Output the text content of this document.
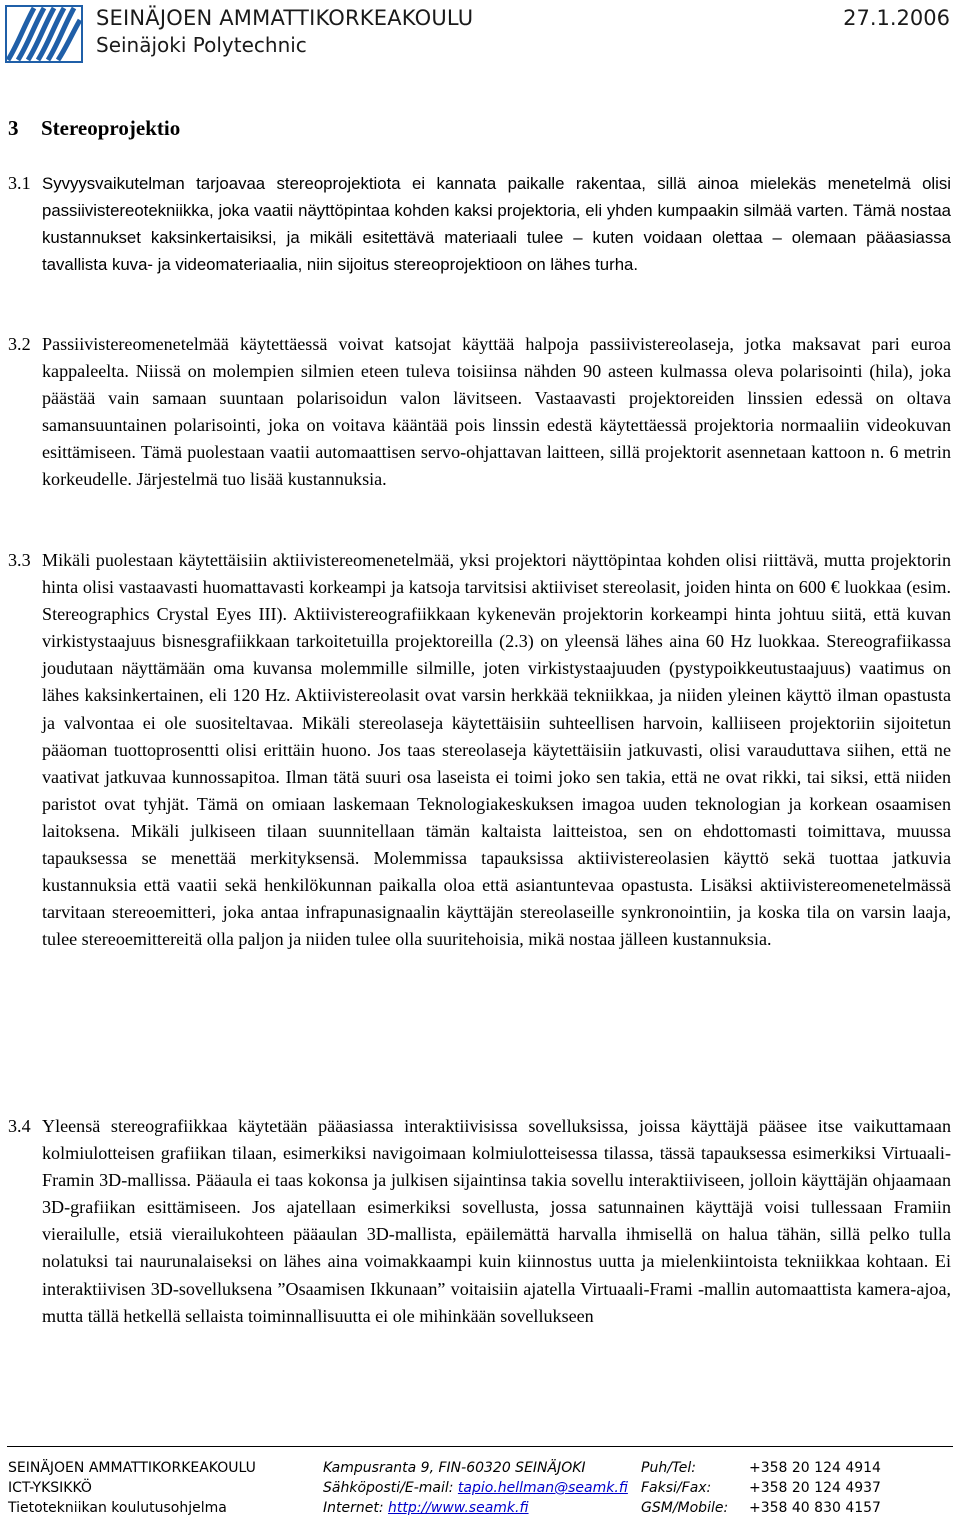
SEINÄJOEN AMMATTIKORKEAKOULU
Seinäjoki Polytechnic
27.1.2006
3 Stereoprojektio
3.1 Syvyysvaikutelman tarjoavaa stereoprojektiota ei kannata paikalle rakentaa, sillä ainoa mielekäs menetelmä olisi passiivistereotekniikka, joka vaatii näyttöpintaa kohden kaksi projektoria, eli yhden kumpaakin silmää varten. Tämä nostaa kustannukset kaksinkertaisiksi, ja mikäli esitettävä materiaali tulee – kuten voidaan olettaa – olemaan pääasiassa tavallista kuva- ja videomateriaalia, niin sijoitus stereoprojektioon on lähes turha.
3.2 Passiivistereomenetelmää käytettäessä voivat katsojat käyttää halpoja passiivistereolaseja, jotka maksavat pari euroa kappaleelta. Niissä on molempien silmien eteen tuleva toisiinsa nähden 90 asteen kulmassa oleva polarisointi (hila), joka päästää vain samaan suuntaan polarisoidun valon lävitseen. Vastaavasti projektoreiden linssien edessä on oltava samansuuntainen polarisointi, joka on voitava kääntää pois linssin edestä käytettäessä projektoria normaaliin videokuvan esittämiseen. Tämä puolestaan vaatii automaattisen servo-ohjattavan laitteen, sillä projektorit asennetaan kattoon n. 6 metrin korkeudelle. Järjestelmä tuo lisää kustannuksia.
3.3 Mikäli puolestaan käytettäisiin aktiivistereomenetelmää, yksi projektori näyttöpintaa kohden olisi riittävä, mutta projektorin hinta olisi vastaavasti huomattavasti korkeampi ja katsoja tarvitsisi aktiiviset stereolasit, joiden hinta on 600 € luokkaa (esim. Stereographics Crystal Eyes III). Aktiivistereografiikkaan kykenevän projektorin korkeampi hinta johtuu siitä, että kuvan virkistystaajuus bisnesgrafiikkaan tarkoitetuilla projektoreilla (2.3) on yleensä lähes aina 60 Hz luokkaa. Stereografiikassa joudutaan näyttämään oma kuvansa molemmille silmille, joten virkistystaajuuden (pystypoikkeutustaajuus) vaatimus on lähes kaksinkertainen, eli 120 Hz. Aktiivistereolasit ovat varsin herkkää tekniikkaa, ja niiden yleinen käyttö ilman opastusta ja valvontaa ei ole suositeltavaa. Mikäli stereolaseja käytettäisiin suhteellisen harvoin, kalliiseen projektoriin sijoitetun pääoman tuottoprosentti olisi erittäin huono. Jos taas stereolaseja käytettäisiin jatkuvasti, olisi varauduttava siihen, että ne vaativat jatkuvaa kunnossapitoa. Ilman tätä suuri osa laseista ei toimi joko sen takia, että ne ovat rikki, tai siksi, että niiden paristot ovat tyhjät. Tämä on omiaan laskemaan Teknologiakeskuksen imagoa uuden teknologian ja korkean osaamisen laitoksena. Mikäli julkiseen tilaan suunnitellaan tämän kaltaista laitteistoa, sen on ehdottomasti toimittava, muussa tapauksessa se menettää merkityksensä. Molemmissa tapauksissa aktiivistereolasien käyttö sekä tuottaa jatkuvia kustannuksia että vaatii sekä henkilökunnan paikalla oloa että asiantuntevaa opastusta. Lisäksi aktiivistereomenetelmässä tarvitaan stereoemitteri, joka antaa infrapunasignaalin käyttäjän stereolaseille synkronointiin, ja koska tila on varsin laaja, tulee stereoemittereitä olla paljon ja niiden tulee olla suuritehoisia, mikä nostaa jälleen kustannuksia.
3.4 Yleensä stereografiikkaa käytetään pääasiassa interaktiivisissa sovelluksissa, joissa käyttäjä pääsee itse vaikuttamaan kolmiulotteisen grafiikan tilaan, esimerkiksi navigoimaan kolmiulotteisessa tilassa, tässä tapauksessa esimerkiksi Virtuaali-Framin 3D-mallissa. Pääaula ei taas kokonsa ja julkisen sijaintinsa takia sovellu interaktiiviseen, jolloin käyttäjän ohjaamaan 3D-grafiikan esittämiseen. Jos ajatellaan esimerkiksi sovellusta, jossa satunnainen käyttäjä voisi tullessaan Framiin vierailulle, etsiä vierailukohteen pääaulan 3D-mallista, epäilemättä harvalla ihmisellä on halua tähän, sillä pelko tulla nolatuksi tai naurunalaiseksi on lähes aina voimakkaampi kuin kiinnostus uutta ja mielenkiintoista tekniikkaa kohtaan. Ei interaktiivisen 3D-sovelluksena ”Osaamisen Ikkunaan” voitaisiin ajatella Virtuaali-Frami -mallin automaattista kamera-ajoa, mutta tällä hetkellä sellaista toiminnallisuutta ei ole mihinkään sovellukseen
SEINÄJOEN AMMATTIKORKEAKOULU
ICT-YKSIKKÖ
Tietotekniikan koulutusohjelma
Kampusranta 9, FIN-60320 SEINÄJOKI
Sähköposti/E-mail: tapio.hellman@seamk.fi
Internet: http://www.seamk.fi
Puh/Tel:
Faksi/Fax:
GSM/Mobile:
+358 20 124 4914
+358 20 124 4937
+358 40 830 4157
